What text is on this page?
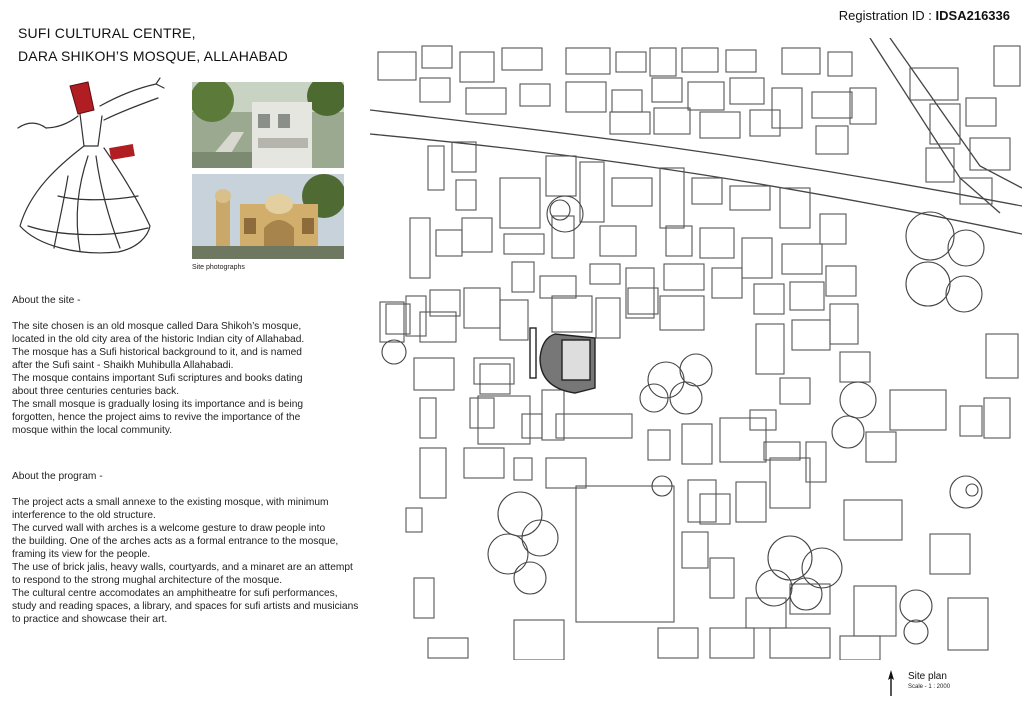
Registration ID : IDSA216336
SUFI CULTURAL CENTRE,
DARA SHIKOH’S MOSQUE, ALLAHABAD
Site photographs

About the site -

The site chosen is an old mosque called Dara Shikoh’s mosque,

located in the old city area of the historic Indian city of Allahabad.

The mosque has a Sufi historical background to it, and is named

after the Sufi saint - Shaikh Muhibulla Allahabadi.

The mosque contains important Sufi scriptures and books dating

about three centuries centuries back.

The small mosque is gradually losing its importance and is being

forgotten, hence the project aims to revive the importance of the

mosque within the local community.

About the program -

The project acts a small annexe to the existing mosque, with minimum

interference to the old structure.

The curved wall with arches is a welcome gesture to draw people into

the building. One of the arches acts as a formal entrance to the mosque,

framing its view for the people.

The use of brick jalis, heavy walls, courtyards, and a minaret are an attempt

to respond to the strong mughal architecture of the mosque.

The cultural centre accomodates an amphitheatre for sufi performances,

study and reading spaces, a library, and spaces for sufi artists and musicians

to practice and showcase their art.

Site plan
Scale - 1 : 2000
